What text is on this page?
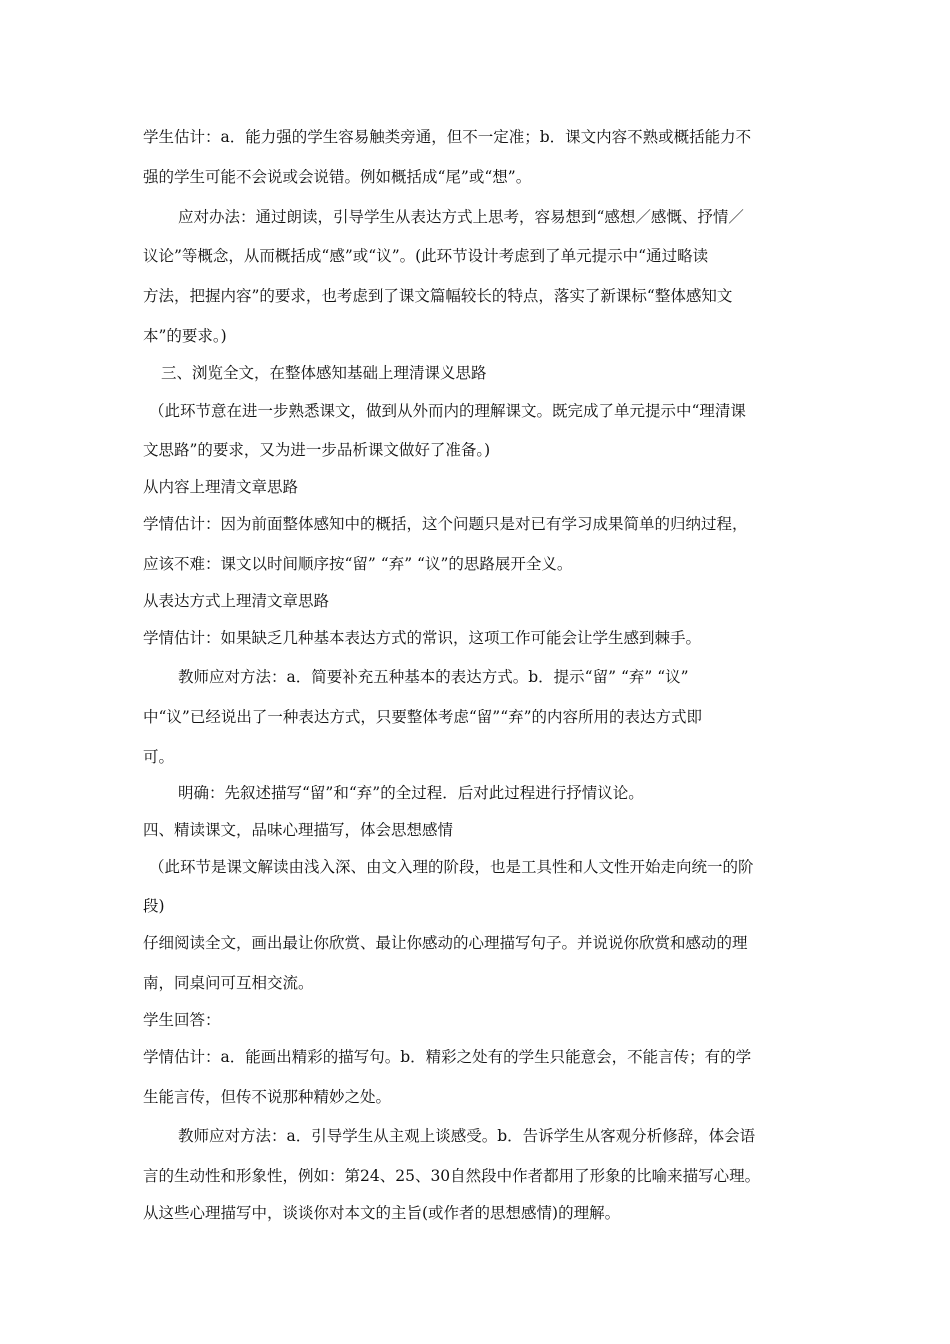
学生估计：a．能力强的学生容易触类旁通，但不一定准；b．课文内容不熟或概括能力不
强的学生可能不会说或会说错。例如概括成“尾”或“想”。
应对办法：通过朗读，引导学生从表达方式上思考，容易想到“感想／感慨、抒情／
议论”等概念，从而概括成“感”或“议”。(此环节设计考虑到了单元提示中“通过略读
方法，把握内容”的要求，也考虑到了课文篇幅较长的特点，落实了新课标“整体感知文
本”的要求。)
三、浏览全文，在整体感知基础上理清课义思路
（此环节意在进一步熟悉课文，做到从外而内的理解课文。既完成了单元提示中“理清课
文思路”的要求，又为进一步品析课文做好了准备。)
从内容上理清文章思路
学情估计：因为前面整体感知中的概括，这个问题只是对已有学习成果简单的归纳过程，
应该不难：课文以时间顺序按“留” “弃” “议”的思路展开全义。
从表达方式上理清文章思路
学情估计：如果缺乏几种基本表达方式的常识，这项工作可能会让学生感到棘手。
教师应对方法：a．简要补充五种基本的表达方式。b．提示“留” “弃” “议”
中“议”已经说出了一种表达方式，只要整体考虑“留”“弃”的内容所用的表达方式即
可。
明确：先叙述描写“留”和“弃”的全过程．后对此过程进行抒情议论。
四、精读课文，品味心理描写，体会思想感情
（此环节是课文解读由浅入深、由文入理的阶段，也是工具性和人文性开始走向统一的阶
段)
仔细阅读全文，画出最让你欣赏、最让你感动的心理描写句子。并说说你欣赏和感动的理
南，同桌问可互相交流。
学生回答：
学情估计：a．能画出精彩的描写句。b．精彩之处有的学生只能意会，不能言传；有的学
生能言传，但传不说那种精妙之处。
教师应对方法：a．引导学生从主观上谈感受。b．告诉学生从客观分析修辞，体会语
言的生动性和形象性，例如：第24、25、30自然段中作者都用了形象的比喻来描写心理。
从这些心理描写中，谈谈你对本文的主旨(或作者的思想感情)的理解。
